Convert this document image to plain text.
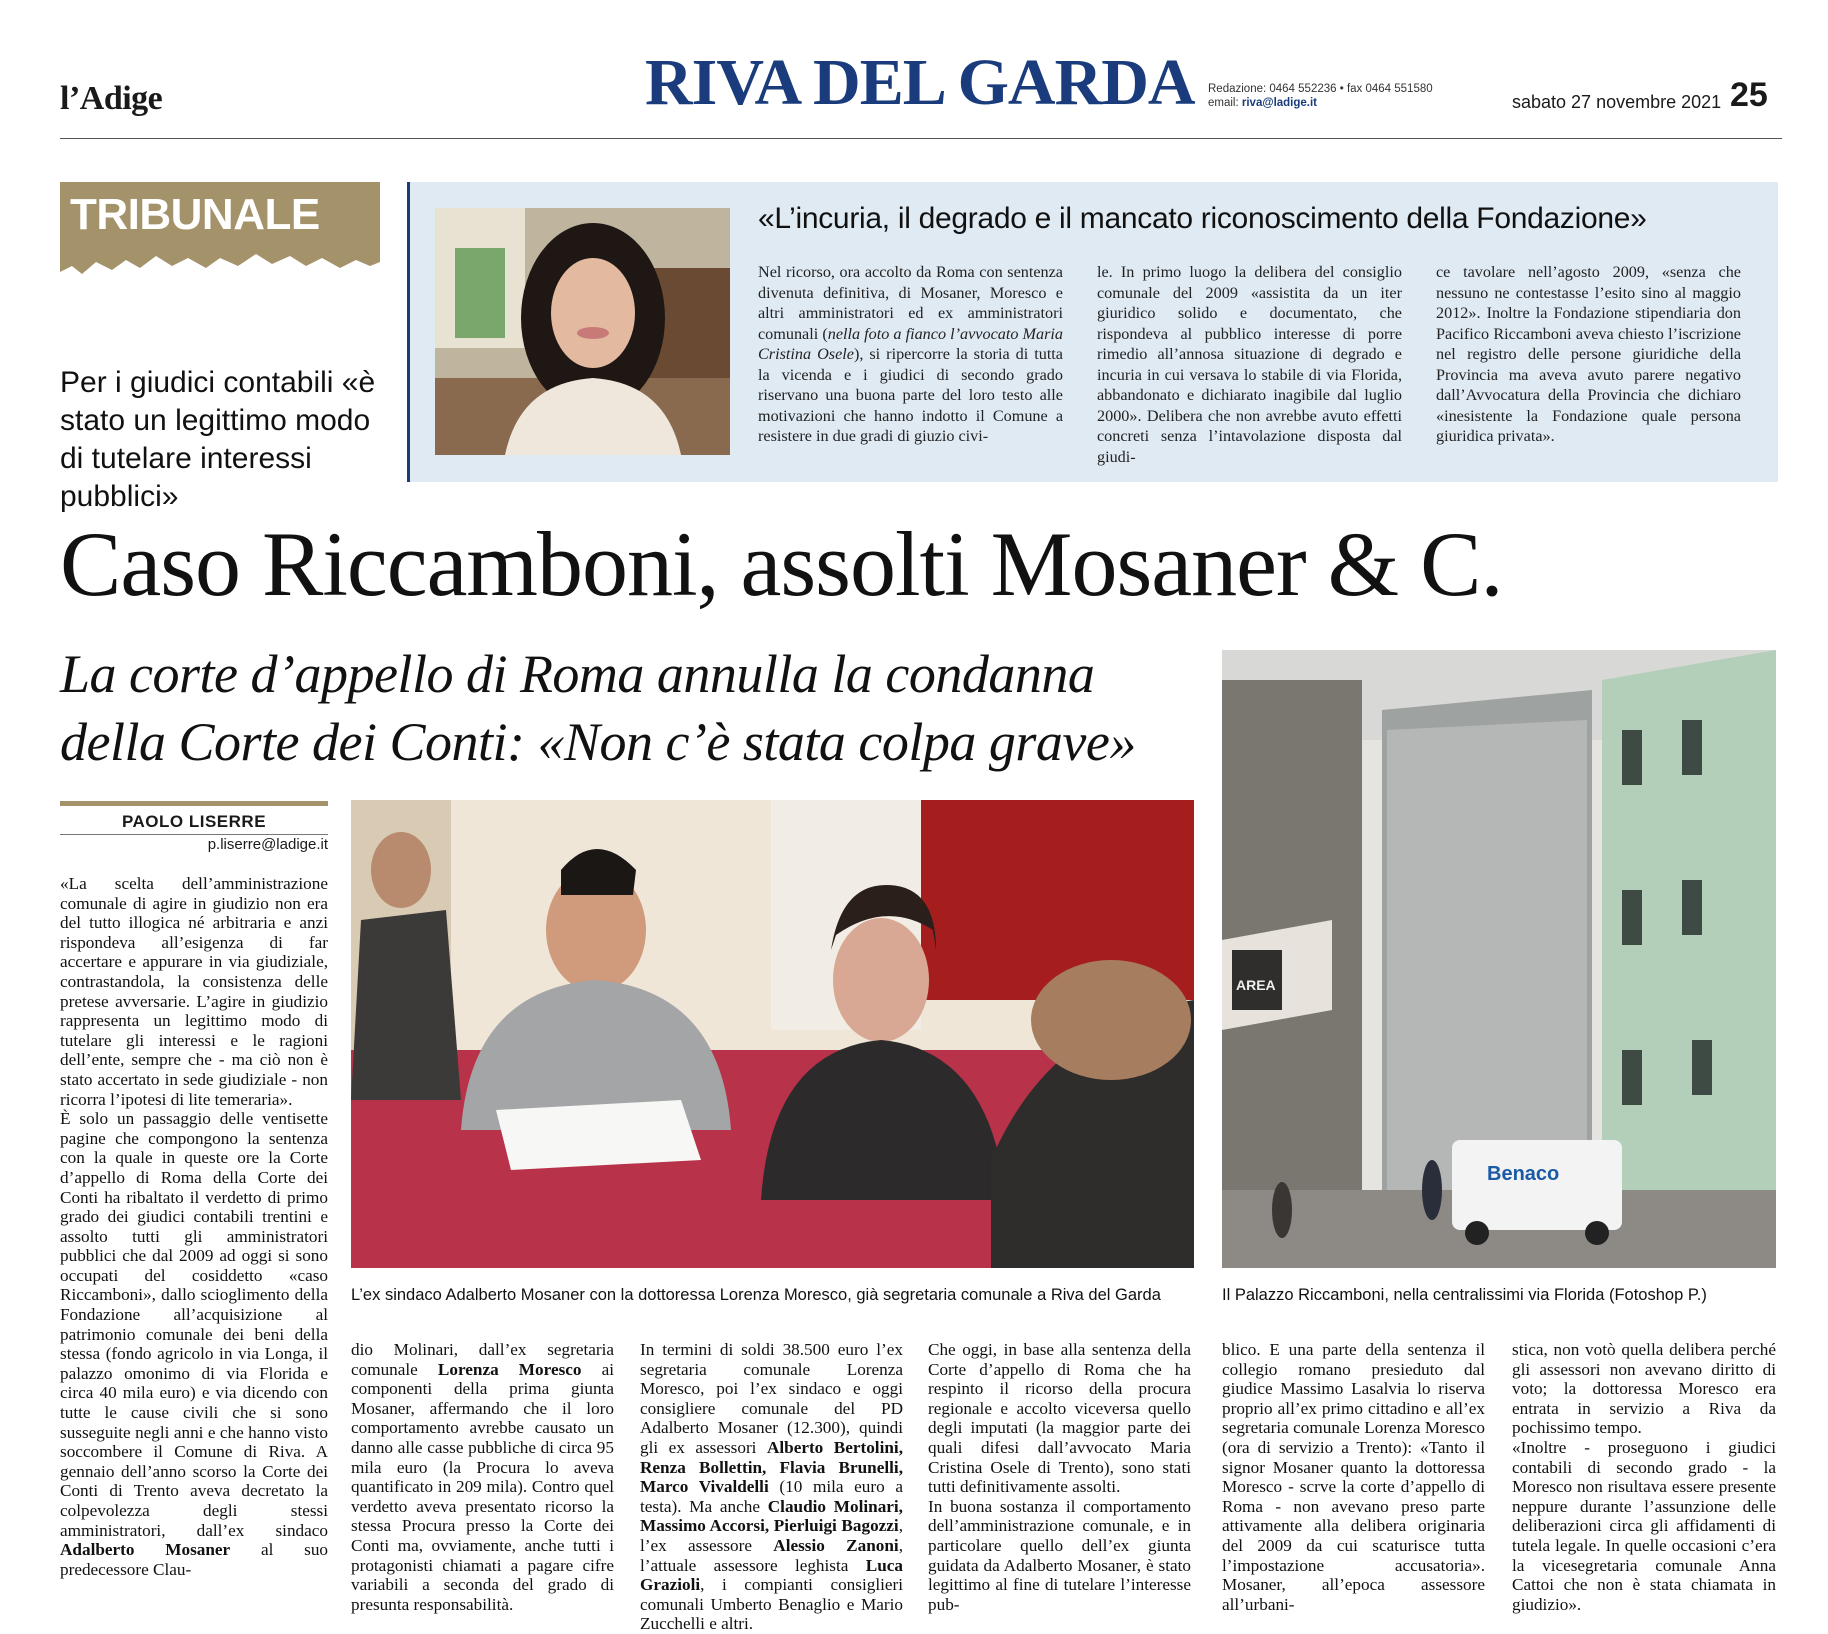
l’Adige	RIVA DEL GARDA Redazione: 0464 552236 • fax 0464 551580
email: riva@ladige.it	sabato 27 novembre 2021 25
TRIBUNALE
Per i giudici contabili «è stato un legittimo modo di tutelare interessi pubblici»
«L’incuria, il degrado e il mancato riconoscimento della Fondazione»
Nel ricorso, ora accolto da Roma con sentenza divenuta definitiva, di Mosaner, Moresco e altri amministratori ed ex amministratori comunali (nella foto a fianco l’avvocato Maria Cristina Osele), si ripercorre la storia di tutta la vicenda e i giudici di secondo grado riservano una buona parte del loro testo alle motivazioni che hanno indotto il Comune a resistere in due gradi di giuzio civi-
le. In primo luogo la delibera del consiglio comunale del 2009 «assistita da un iter giuridico solido e documentato, che rispondeva al pubblico interesse di porre rimedio all’annosa situazione di degrado e incuria in cui versava lo stabile di via Florida, abbandonato e dichiarato inagibile dal luglio 2000». Delibera che non avrebbe avuto effetti concreti senza l’intavolazione disposta dal giudi-
ce tavolare nell’agosto 2009, «senza che nessuno ne contestasse l’esito sino al maggio 2012». Inoltre la Fondazione stipendiaria don Pacifico Riccamboni aveva chiesto l’iscrizione nel registro delle persone giuridiche della Provincia ma aveva avuto parere negativo dall’Avvocatura della Provincia che dichiaro «inesistente la Fondazione quale persona giuridica privata».
Caso Riccamboni, assolti Mosaner & C.
La corte d’appello di Roma annulla la condanna della Corte dei Conti: «Non c’è stata colpa grave»
PAOLO LISERRE
p.liserre@ladige.it
L’ex sindaco Adalberto Mosaner con la dottoressa Lorenza Moresco, già segretaria comunale a Riva del Garda
Benaco
AREA
Il Palazzo Riccamboni, nella centralissimi via Florida (Fotoshop P.)

«La scelta dell’amministrazione comunale di agire in giudizio non era del tutto illogica né arbitraria e anzi rispondeva all’esigenza di far accertare e appurare in via giudiziale, contrastandola, la consistenza delle pretese avversarie. L’agire in giudizio rappresenta un legittimo modo di tutelare gli interessi e le ragioni dell’ente, sempre che - ma ciò non è stato accertato in sede giudiziale - non ricorra l’ipotesi di lite temeraria».

È solo un passaggio delle ventisette pagine che compongono la sentenza con la quale in queste ore la Corte d’appello di Roma della Corte dei Conti ha ribaltato il verdetto di primo grado dei giudici contabili trentini e assolto tutti gli amministratori pubblici che dal 2009 ad oggi si sono occupati del cosiddetto «caso Riccamboni», dallo scioglimento della Fondazione all’acquisizione al patrimonio comunale dei beni della stessa (fondo agricolo in via Longa, il palazzo omonimo di via Florida e circa 40 mila euro) e via dicendo con tutte le cause civili che si sono susseguite negli anni e che hanno visto soccombere il Comune di Riva. A gennaio dell’anno scorso la Corte dei Conti di Trento aveva decretato la colpevolezza degli stessi amministratori, dall’ex sindaco Adalberto Mosaner al suo predecessore Clau-

dio Molinari, dall’ex segretaria comunale Lorenza Moresco ai componenti della prima giunta Mosaner, affermando che il loro comportamento avrebbe causato un danno alle casse pubbliche di circa 95 mila euro (la Procura lo aveva quantificato in 209 mila). Contro quel verdetto aveva presentato ricorso la stessa Procura presso la Corte dei Conti ma, ovviamente, anche tutti i protagonisti chiamati a pagare cifre variabili a seconda del grado di presunta responsabilità.

In termini di soldi 38.500 euro l’ex segretaria comunale Lorenza Moresco, poi l’ex sindaco e oggi consigliere comunale del PD Adalberto Mosaner (12.300), quindi gli ex assessori Alberto Bertolini, Renza Bollettin, Flavia Brunelli, Marco Vivaldelli (10 mila euro a testa). Ma anche Claudio Molinari, Massimo Accorsi, Pierluigi Bagozzi, l’ex assessore Alessio Zanoni, l’attuale assessore leghista Luca Grazioli, i compianti consiglieri comunali Umberto Benaglio e Mario Zucchelli e altri.

Che oggi, in base alla sentenza della Corte d’appello di Roma che ha respinto il ricorso della procura regionale e accolto viceversa quello degli imputati (la maggior parte dei quali difesi dall’avvocato Maria Cristina Osele di Trento), sono stati tutti definitivamente assolti.

In buona sostanza il comportamento dell’amministrazione comunale, e in particolare quello dell’ex giunta guidata da Adalberto Mosaner, è stato legittimo al fine di tutelare l’interesse pub-

blico. E una parte della sentenza il collegio romano presieduto dal giudice Massimo Lasalvia lo riserva proprio all’ex primo cittadino e all’ex segretaria comunale Lorenza Moresco (ora di servizio a Trento): «Tanto il signor Mosaner quanto la dottoressa Moresco - scrve la corte d’appello di Roma - non avevano preso parte attivamente alla delibera originaria del 2009 da cui scaturisce tutta l’impostazione accusatoria». Mosaner, all’epoca assessore all’urbani-

stica, non votò quella delibera perché gli assessori non avevano diritto di voto; la dottoressa Moresco era entrata in servizio a Riva da pochissimo tempo.

«Inoltre - proseguono i giudici contabili di secondo grado - la Moresco non risultava essere presente neppure durante l’assunzione delle deliberazioni circa gli affidamenti di tutela legale. In quelle occasioni c’era la vicesegretaria comunale Anna Cattoi che non è stata chiamata in giudizio».
